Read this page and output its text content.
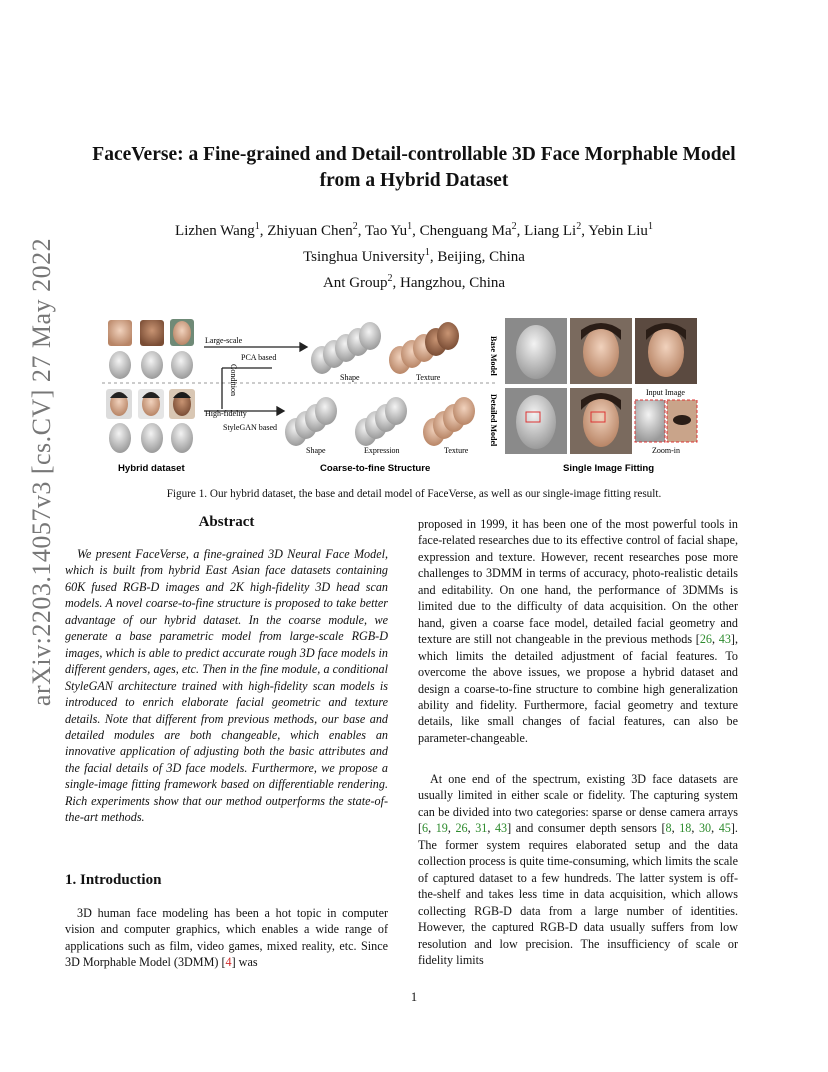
arXiv:2203.14057v3 [cs.CV] 27 May 2022
FaceVerse: a Fine-grained and Detail-controllable 3D Face Morphable Model
from a Hybrid Dataset
Lizhen Wang$^1$, Zhiyuan Chen$^2$, Tao Yu$^1$, Chenguang Ma$^2$, Liang Li$^2$, Yebin Liu$^1$
Tsinghua University$^1$, Beijing, China
Ant Group$^2$, Hangzhou, China
Large-scale
PCA based
Condition
High-fidelity
StyleGAN based
Shape	Texture
Shape	Expression	Texture
Base Model
Detailed Model
Input Image
Zoom-in
Hybrid dataset	Coarse-to-fine Structure	Single Image Fitting
Figure 1. Our hybrid dataset, the base and detail model of FaceVerse, as well as our single-image fitting result.
Abstract
We present FaceVerse, a fine-grained 3D Neural Face Model, which is built from hybrid East Asian face datasets containing 60K fused RGB-D images and 2K high-fidelity 3D head scan models. A novel coarse-to-fine structure is proposed to take better advantage of our hybrid dataset. In the coarse module, we generate a base parametric model from large-scale RGB-D images, which is able to predict accurate rough 3D face models in different genders, ages, etc. Then in the fine module, a conditional StyleGAN architecture trained with high-fidelity scan models is introduced to enrich elaborate facial geometric and texture details. Note that different from previous methods, our base and detailed modules are both changeable, which enables an innovative application of adjusting both the basic attributes and the facial details of 3D face models. Furthermore, we propose a single-image fitting framework based on differentiable rendering. Rich experiments show that our method outperforms the state-of-the-art methods.
1. Introduction
3D human face modeling has been a hot topic in computer vision and computer graphics, which enables a wide range of applications such as film, video games, mixed reality, etc. Since 3D Morphable Model (3DMM) [4] was
proposed in 1999, it has been one of the most powerful tools in face-related researches due to its effective control of facial shape, expression and texture. However, recent researches pose more challenges to 3DMM in terms of accuracy, photo-realistic details and editability. On one hand, the performance of 3DMMs is limited due to the difficulty of data acquisition. On the other hand, given a coarse face model, detailed facial geometry and texture are still not changeable in the previous methods [26, 43], which limits the detailed adjustment of facial features. To overcome the above issues, we propose a hybrid dataset and design a coarse-to-fine structure to combine high generalization ability and fidelity. Furthermore, facial geometry and texture details, like small changes of facial features, can also be parameter-changeable.
At one end of the spectrum, existing 3D face datasets are usually limited in either scale or fidelity. The capturing system can be divided into two categories: sparse or dense camera arrays [6, 19, 26, 31, 43] and consumer depth sensors [8, 18, 30, 45]. The former system requires elaborated setup and the data collection process is quite time-consuming, which limits the scale of captured dataset to a few hundreds. The latter system is off-the-shelf and takes less time in data acquisition, which allows collecting RGB-D data from a large number of identities. However, the captured RGB-D data usually suffers from low resolution and low precision. The insufficiency of scale or fidelity limits
1
